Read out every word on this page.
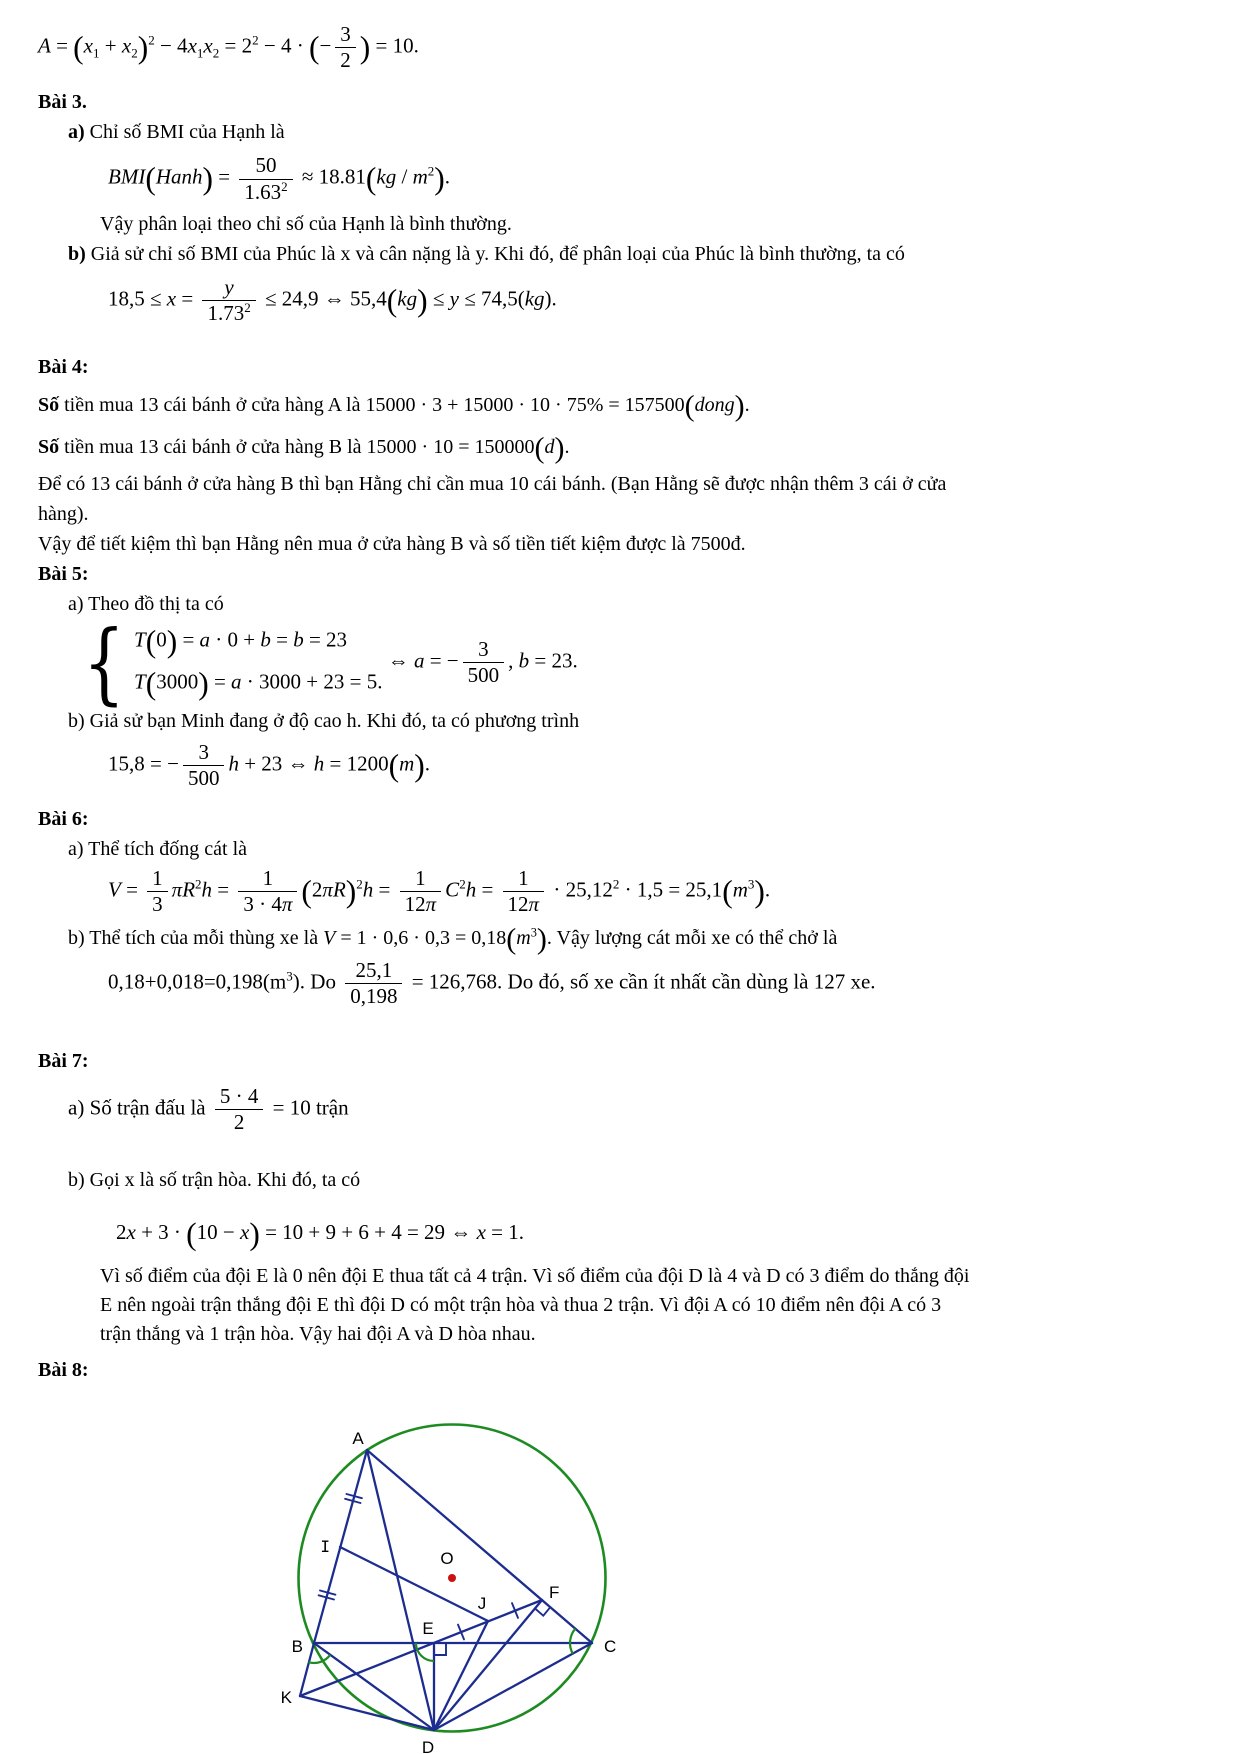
$A = (x_1 + x_2)^2 - 4x_1x_2 = 2^2 - 4$ · (− $\frac{3}{2}$ ) = 10.
Bài 3.
a) Chỉ số BMI của Hạnh là
BMI(Hanh) = $\frac{50}{1.63^2} \approx 18.81(kg / m^2)$.
Vậy phân loại theo chỉ số của Hạnh là bình thường.
b) Giả sử chỉ số BMI của Phúc là x và cân nặng là y. Khi đó, để phân loại của Phúc là bình thường, ta có
$18,5 \le x = \frac{y}{1.73^2} \le 24,9$ ⇔ 55,4(kg) ≤ y ≤ 74,5(kg).
Bài 4:
Số tiền mua 13 cái bánh ở cửa hàng A là 15000 · 3 + 15000 · 10 · 75% = 157500(dong).
Số tiền mua 13 cái bánh ở cửa hàng B là 15000 · 10 = 150000(d).
Để có 13 cái bánh ở cửa hàng B thì bạn Hằng chỉ cần mua 10 cái bánh. (Bạn Hằng sẽ được nhận thêm 3 cái ở cửa
hàng).
Vậy để tiết kiệm thì bạn Hằng nên mua ở cửa hàng B và số tiền tiết kiệm được là 7500đ.
Bài 5:
a) Theo đồ thị ta có
{ T(0) = a · 0 + b = b = 23
T(3000) = a · 3000 + 23 = 5.
⇔ a = − $\frac{3}{500}$ , b = 23.
b) Giả sử bạn Minh đang ở độ cao h. Khi đó, ta có phương trình
15,8 = − $\frac{3}{500}$ h + 23 ⇔ h = 1200(m).
Bài 6:
a) Thể tích đống cát là
$V = \frac{1}{3} \pi R^2h = \frac{1}{3 \cdot 4\pi} (2\pi R)^2h = \frac{1}{12\pi} C^2h = \frac{1}{12\pi} \cdot 25,12^2 \cdot 1,5 = 25,1(m^3)$.
b) Thể tích của mỗi thùng xe là $V = 1 \cdot 0,6 \cdot 0,3 = 0,18(m^3)$. Vậy lượng cát mỗi xe có thể chở là
$0,18+0,018=0,198(m^3)$. Do $\frac{25,1}{0,198} = 126,768$. Do đó, số xe cần ít nhất cần dùng là 127 xe.
Bài 7:
a) Số trận đấu là $\frac{5 \cdot 4}{2} = 10$ trận
b) Gọi x là số trận hòa. Khi đó, ta có
2x + 3 · (10 − x) = 10 + 9 + 6 + 4 = 29 ⇔ x = 1.
Vì số điểm của đội E là 0 nên đội E thua tất cả 4 trận. Vì số điểm của đội D là 4 và D có 3 điểm do thắng đội
E nên ngoài trận thắng đội E thì đội D có một trận hòa và thua 2 trận. Vì đội A có 10 điểm nên đội A có 3
trận thắng và 1 trận hòa. Vậy hai đội A và D hòa nhau.
Bài 8:
A
B	C
D
E
F
I
J
K
O
